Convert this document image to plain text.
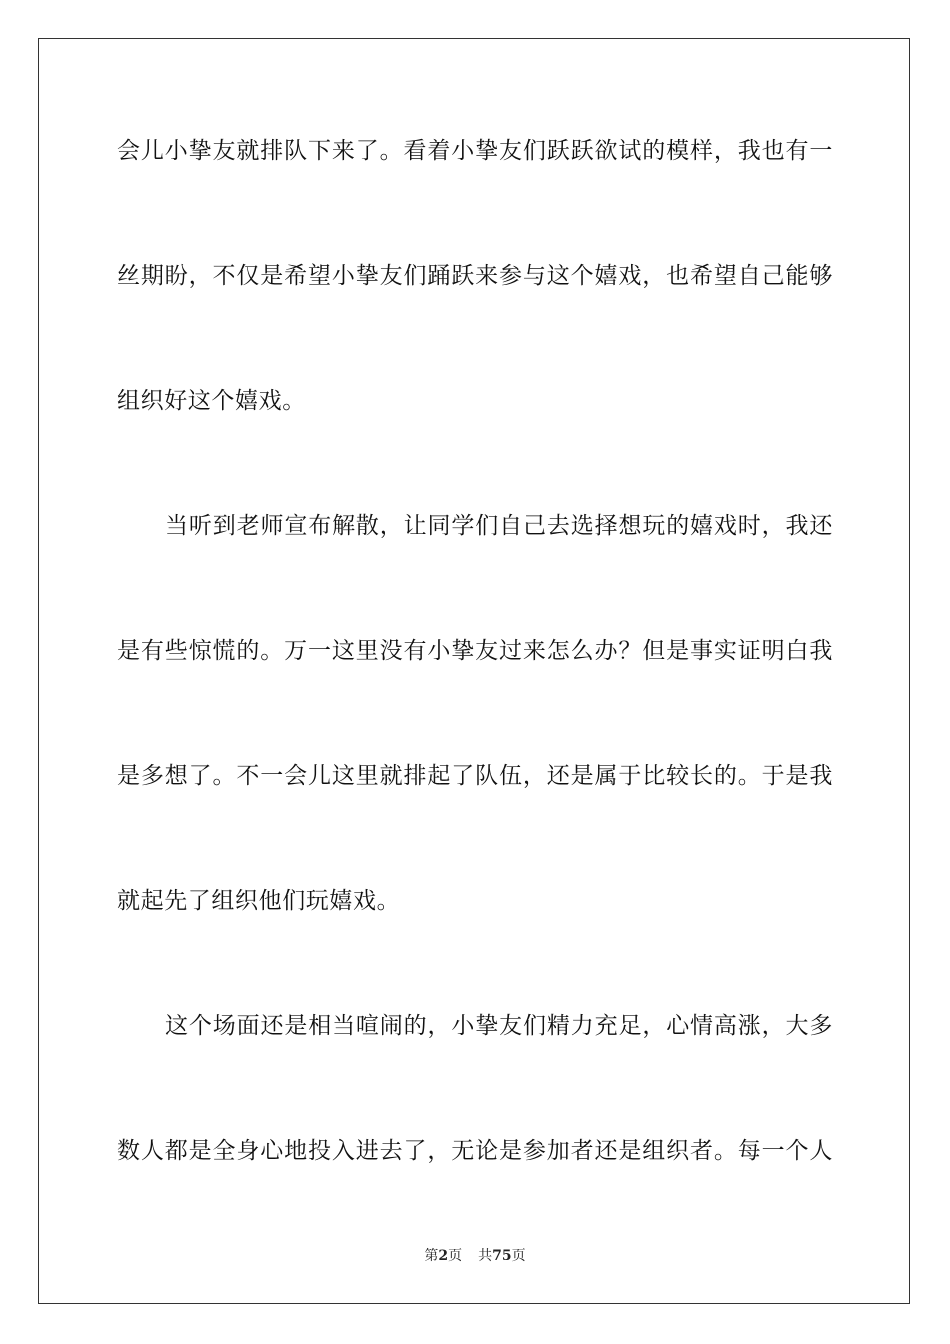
会儿小挚友就排队下来了。看着小挚友们跃跃欲试的模样，我也有一
丝期盼，不仅是希望小挚友们踊跃来参与这个嬉戏，也希望自己能够
组织好这个嬉戏。
当听到老师宣布解散，让同学们自己去选择想玩的嬉戏时，我还
是有些惊慌的。万一这里没有小挚友过来怎么办？但是事实证明白我
是多想了。不一会儿这里就排起了队伍，还是属于比较长的。于是我
就起先了组织他们玩嬉戏。
这个场面还是相当喧闹的，小挚友们精力充足，心情高涨，大多
数人都是全身心地投入进去了，无论是参加者还是组织者。每一个人
第2页 共75页
